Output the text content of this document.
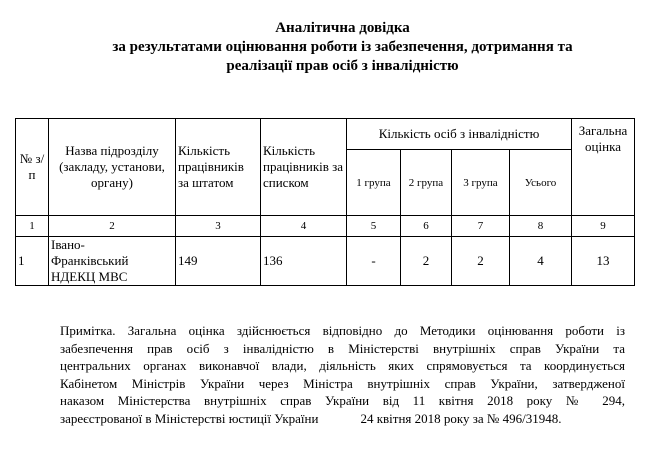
Аналітична довідка
за результатами оцінювання роботи із забезпечення, дотримання та
реалізації прав осіб з інвалідністю
№ з/п	Назва підрозділу (закладу, установи, органу)	Кількість працівників за штатом	Кількість працівників за списком	Кількість осіб з інвалідністю				Загальна оцінка
				1 група	2 група	3 група	Усього	
1	2	3	4	5	6	7	8	9
1	Івано-
Франківський
НДЕКЦ МВС	149	136	-	2	2	4	13
Примітка. Загальна оцінка здійснюється відповідно до Методики оцінювання роботи із
забезпечення прав осіб з інвалідністю в Міністерстві внутрішніх справ України та
центральних органах виконавчої влади, діяльність яких спрямовується та координується
Кабінетом Міністрів України через Міністра внутрішніх справ України, затвердженої
наказом Міністерства внутрішніх справ України від 11 квітня 2018 року № 294,
зареєстрованої в Міністерстві юстиції України	24 квітня 2018 року за № 496/31948.
